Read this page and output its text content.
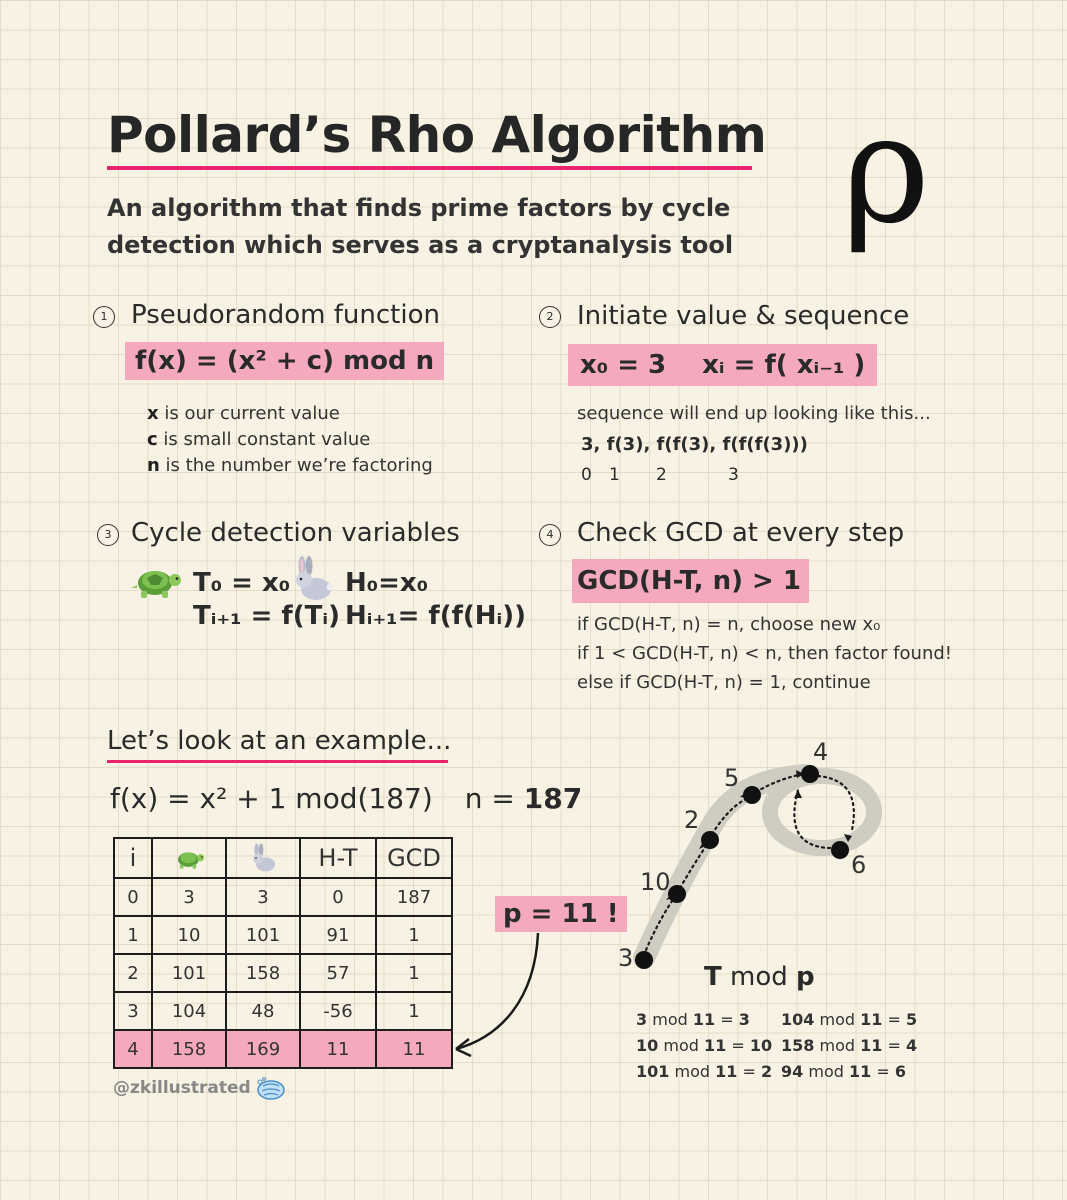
Pollard’s Rho Algorithm
An algorithm that finds prime factors by cycle
detection which serves as a cryptanalysis tool ρ
1 Pseudorandom function
f(x) = (x² + c) mod n
x is our current value
c is small constant value
n is the number we’re factoring
2 Initiate value & sequence
x₀ = 3 xᵢ = f( xᵢ₋₁ )
sequence will end up looking like this...
3, f(3), f(f(3), f(f(f(3)))
0 1 2	3
3 Cycle detection variables
T₀ = x₀
Tᵢ₊₁ = f(Tᵢ)
H₀=x₀
Hᵢ₊₁= f(f(Hᵢ))
4 Check GCD at every step
GCD(H-T, n) > 1
if GCD(H-T, n) = n, choose new x₀
if 1 < GCD(H-T, n) < n, then factor found!
else if GCD(H-T, n) = 1, continue
Let’s look at an example...
f(x) = x² + 1 mod(187) n = 187
i			H-T	GCD
0	3	3	0	187
1	10	101	91	1
2	101	158	57	1
3	104	48	-56	1
4	158	169	11	11
p = 11 !
@zkillustrated
3
10
2
5
4
6
T mod p
3 mod 11 = 3
10 mod 11 = 10
101 mod 11 = 2
104 mod 11 = 5
158 mod 11 = 4
94 mod 11 = 6
